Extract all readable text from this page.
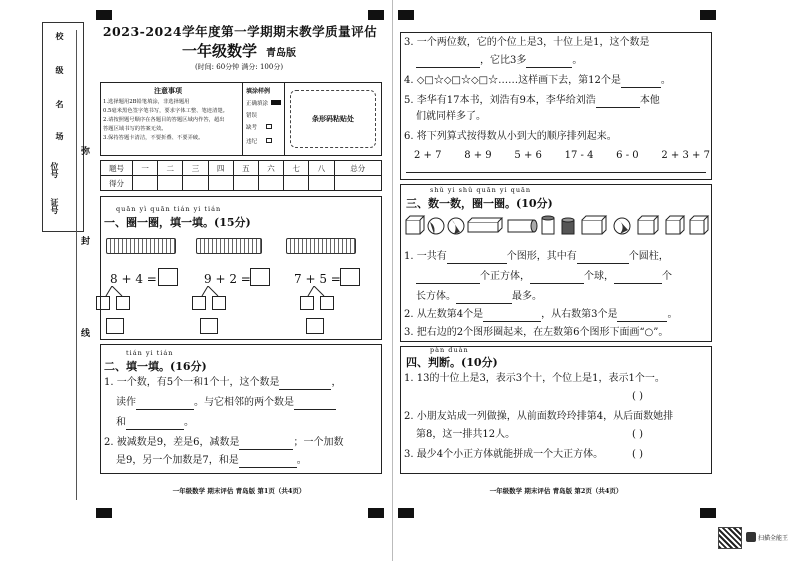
校
级
名
场
位号
证号
弥
封
线
2023-2024学年度第一学期期末教学质量评估
一年级数学 青岛版
(时间: 60分钟 满分: 100分)
注意事项
1.选择题用2B铅笔填涂，非选择题用
0.5毫米黑色签字笔书写，要求字体工整、笔迹清楚。
2.请按照题号顺序在各题目的答题区域内作答，超出
答题区域书写的答案无效。
3.保持答题卡清洁，不要折叠、不要弄破。
填涂样例
正确填涂
错误
缺考
违纪
条形码粘贴处
题号	一	二	三	四	五	六	七	八	总分
得分									
quān yì quān tián yi tián
一、圈一圈，填一填。(15分)
8 + 4 =	9 + 2 =	7 + 5 =
tián yi tián
二、填一填。(16分)
1. 一个数，有5个一和1个十，这个数是	，
读作	。与它相邻的两个数是
和	。
2. 被减数是9，差是6，减数是	；一个加数
是9，另一个加数是7，和是	。
一年级数学 期末评估 青岛版 第1页（共4页）
3. 一个两位数，它的个位上是3，十位上是1，这个数是
，它比3多	。
4. ◇□☆◇□☆◇□☆……这样画下去，第12个是	。
5. 李华有17本书，刘浩有9本，李华给刘浩	本他
们就同样多了。
6. 将下列算式按得数从小到大的顺序排列起来。
2 + 7 8 + 9 5 + 6 17 - 4 6 - 0 2 + 3 + 7
shǔ yi shǔ quān yi quān
三、数一数，圈一圈。(10分)
1. 一共有	个图形，其中有	个圆柱，
个正方体，	个球，	个
长方体。	最多。
2. 从左数第4个是	，从右数第3个是	。
3. 把右边的2个图形圈起来，在左数第6个图形下面画“○”。
pàn duàn
四、判断。(10分)
1. 13的十位上是3，表示3个十，个位上是1，表示1个一。
( )
2. 小朋友站成一列做操，从前面数玲玲排第4，从后面数她排
第8，这一排共12人。	( )
3. 最少4个小正方体就能拼成一个大正方体。	( )
一年级数学 期末评估 青岛版 第2页（共4页）
扫描全能王
